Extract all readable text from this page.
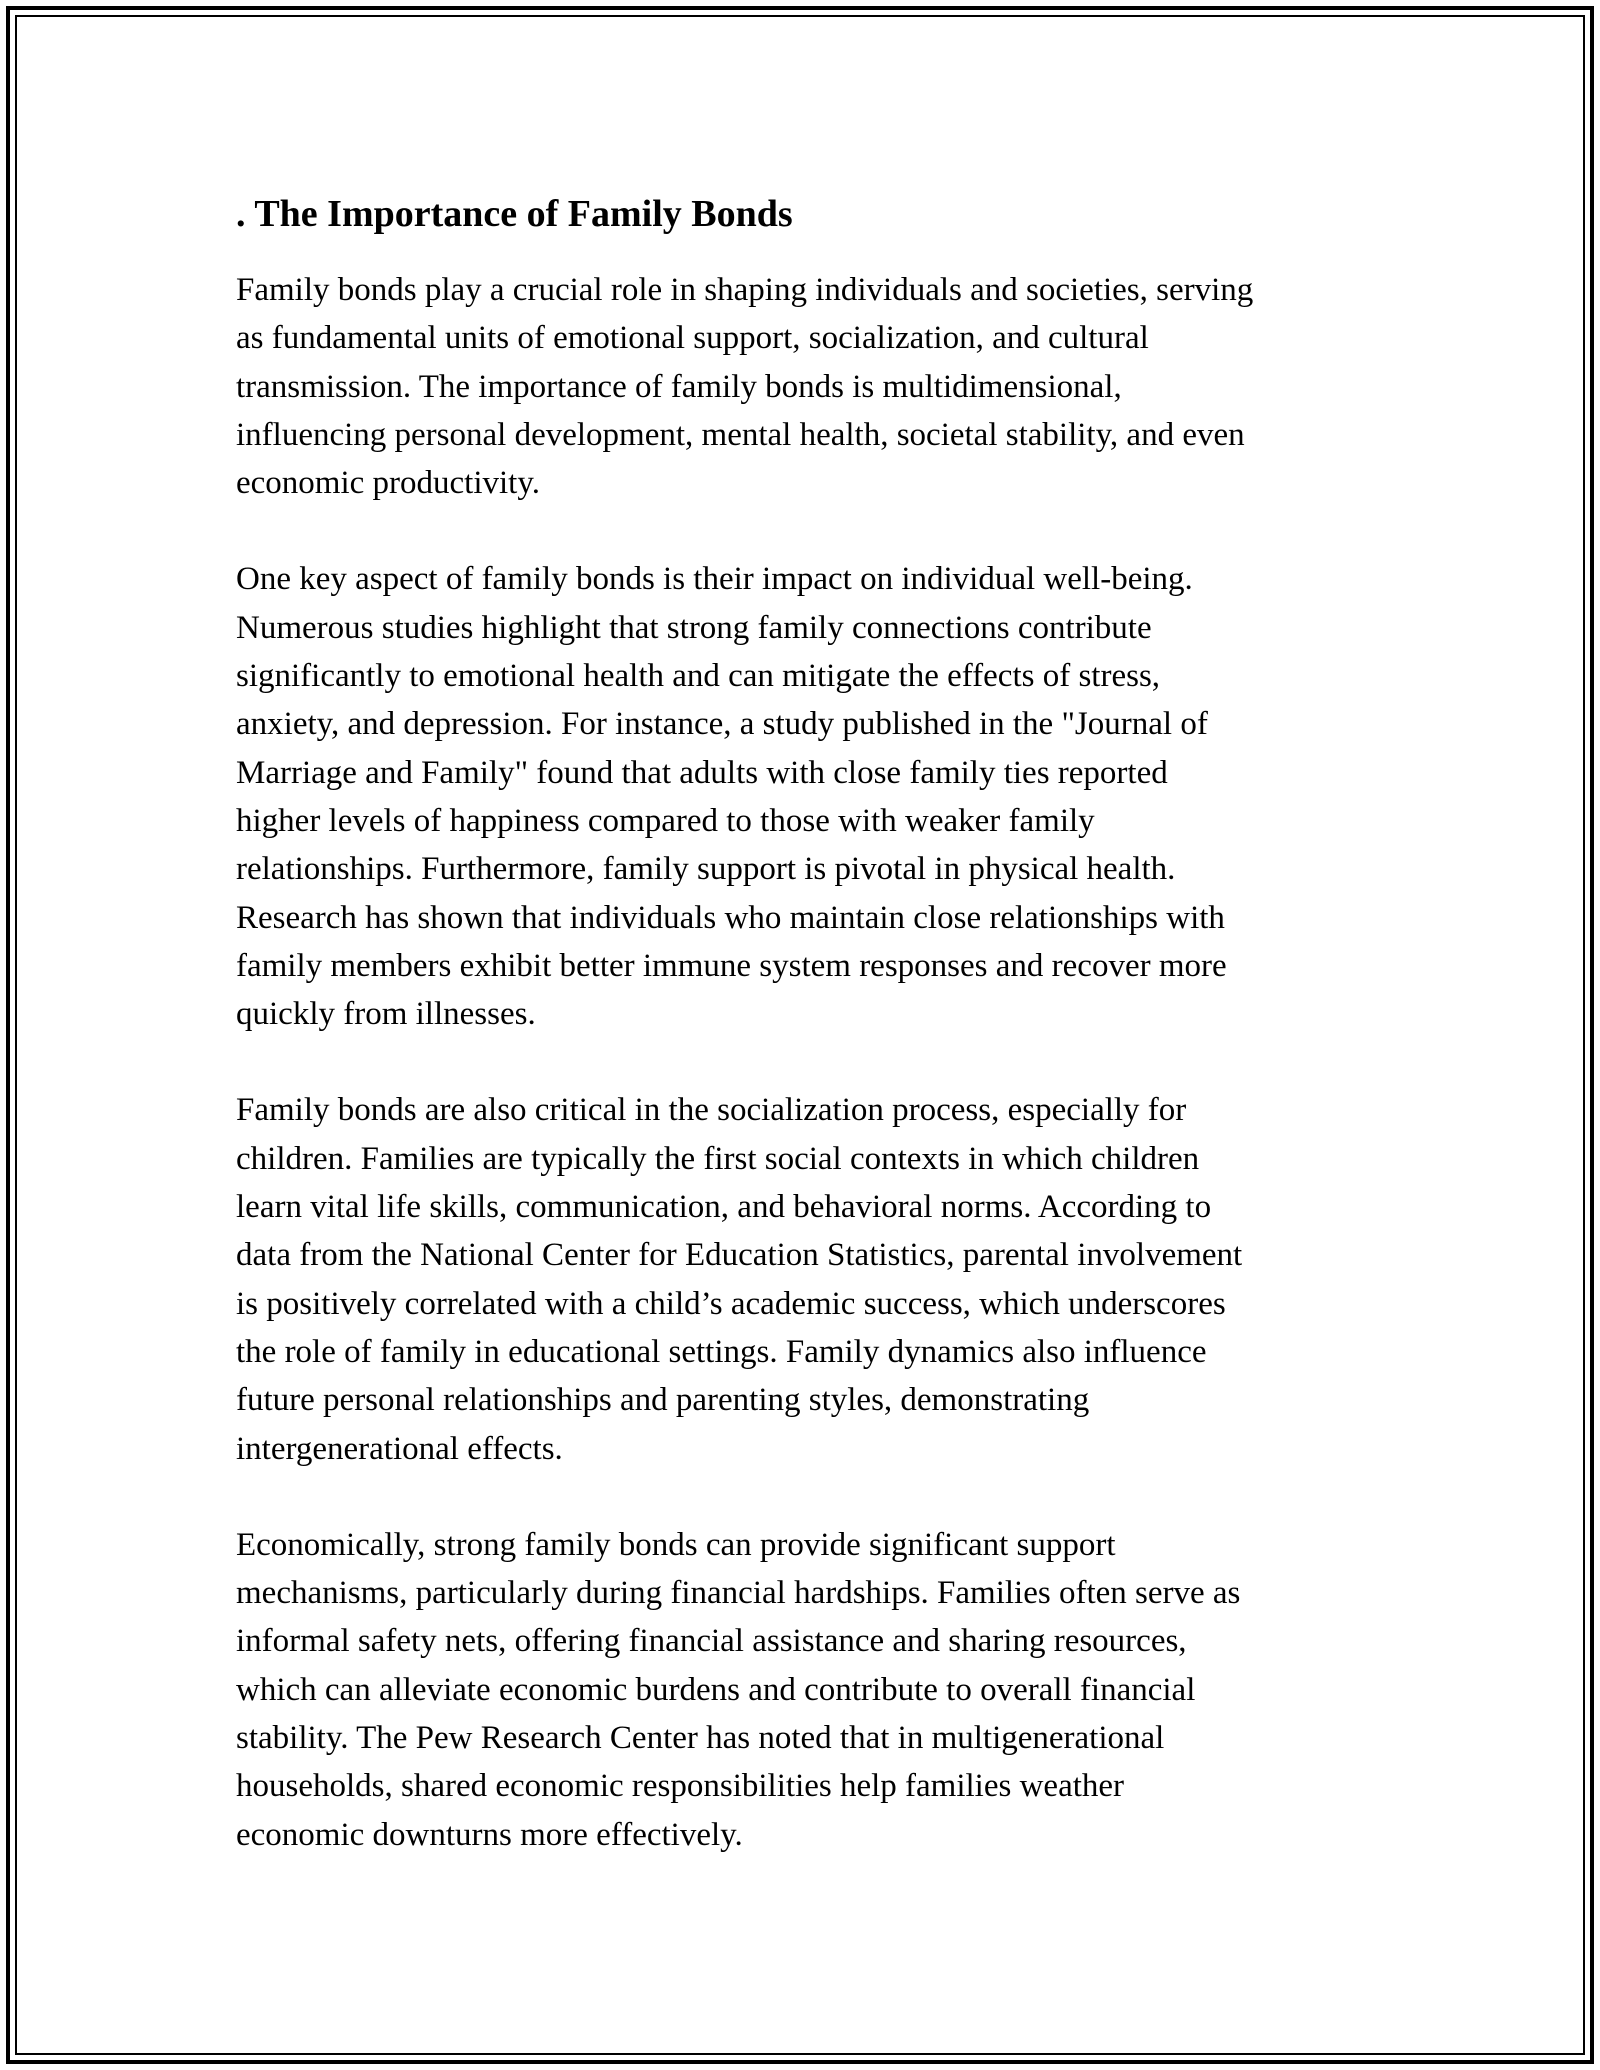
. The Importance of Family Bonds

Family bonds play a crucial role in shaping individuals and societies, serving
as fundamental units of emotional support, socialization, and cultural
transmission. The importance of family bonds is multidimensional,
influencing personal development, mental health, societal stability, and even
economic productivity.

One key aspect of family bonds is their impact on individual well-being.
Numerous studies highlight that strong family connections contribute
significantly to emotional health and can mitigate the effects of stress,
anxiety, and depression. For instance, a study published in the "Journal of
Marriage and Family" found that adults with close family ties reported
higher levels of happiness compared to those with weaker family
relationships. Furthermore, family support is pivotal in physical health.
Research has shown that individuals who maintain close relationships with
family members exhibit better immune system responses and recover more
quickly from illnesses.

Family bonds are also critical in the socialization process, especially for
children. Families are typically the first social contexts in which children
learn vital life skills, communication, and behavioral norms. According to
data from the National Center for Education Statistics, parental involvement
is positively correlated with a child’s academic success, which underscores
the role of family in educational settings. Family dynamics also influence
future personal relationships and parenting styles, demonstrating
intergenerational effects.

Economically, strong family bonds can provide significant support
mechanisms, particularly during financial hardships. Families often serve as
informal safety nets, offering financial assistance and sharing resources,
which can alleviate economic burdens and contribute to overall financial
stability. The Pew Research Center has noted that in multigenerational
households, shared economic responsibilities help families weather
economic downturns more effectively.
